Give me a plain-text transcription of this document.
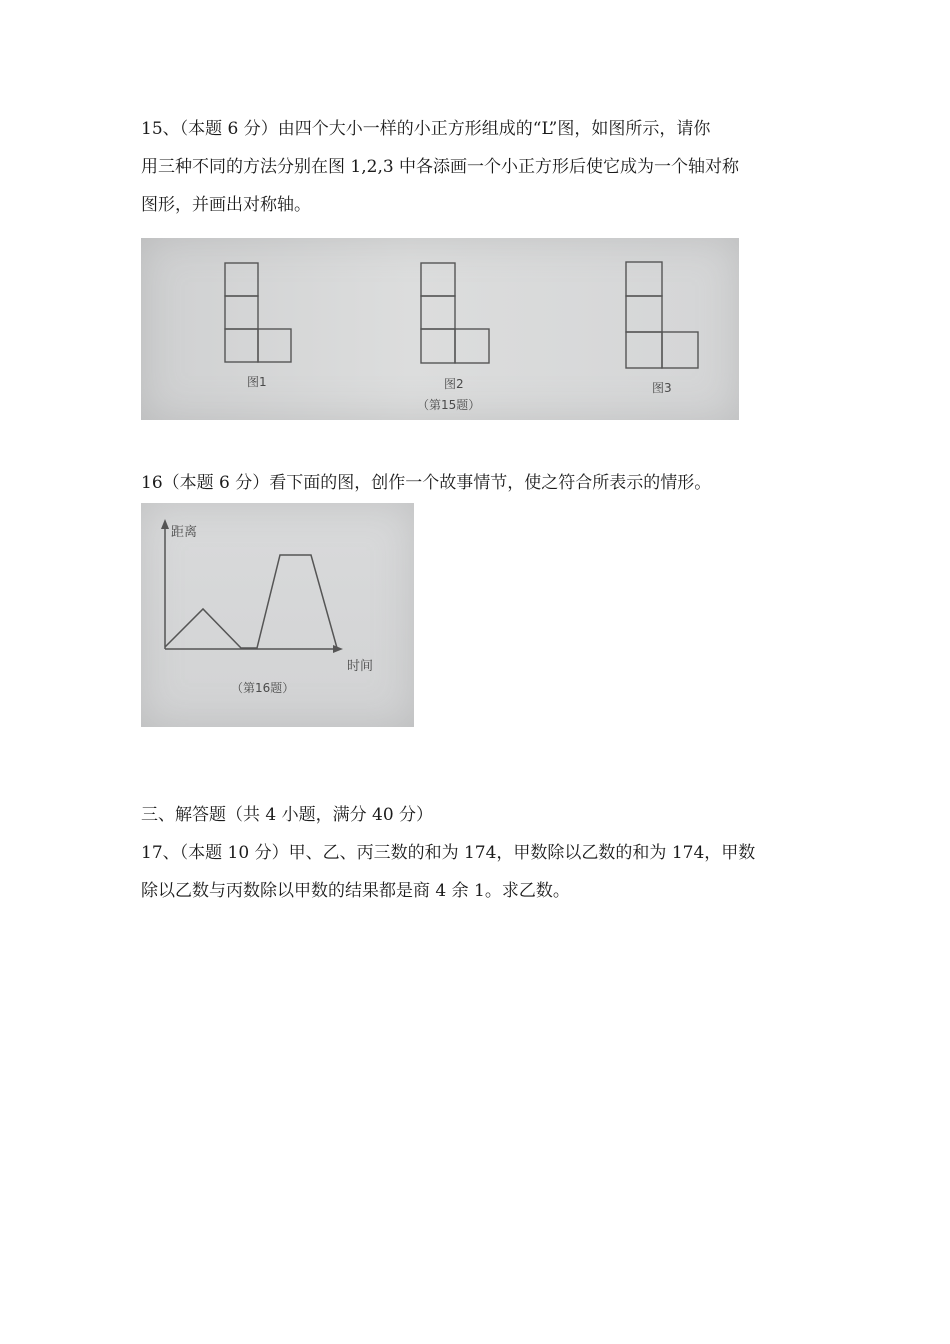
15、（本题 6 分）由四个大小一样的小正方形组成的“L”图，如图所示，请你
用三种不同的方法分别在图 1,2,3 中各添画一个小正方形后使它成为一个轴对称
图形，并画出对称轴。
图1	图2	图3
（第15题）
16（本题 6 分）看下面的图，创作一个故事情节，使之符合所表示的情形。
距离
时间
（第16题）
三、解答题（共 4 小题，满分 40 分）
17、（本题 10 分）甲、乙、丙三数的和为 174，甲数除以乙数的和为 174，甲数
除以乙数与丙数除以甲数的结果都是商 4 余 1。求乙数。
